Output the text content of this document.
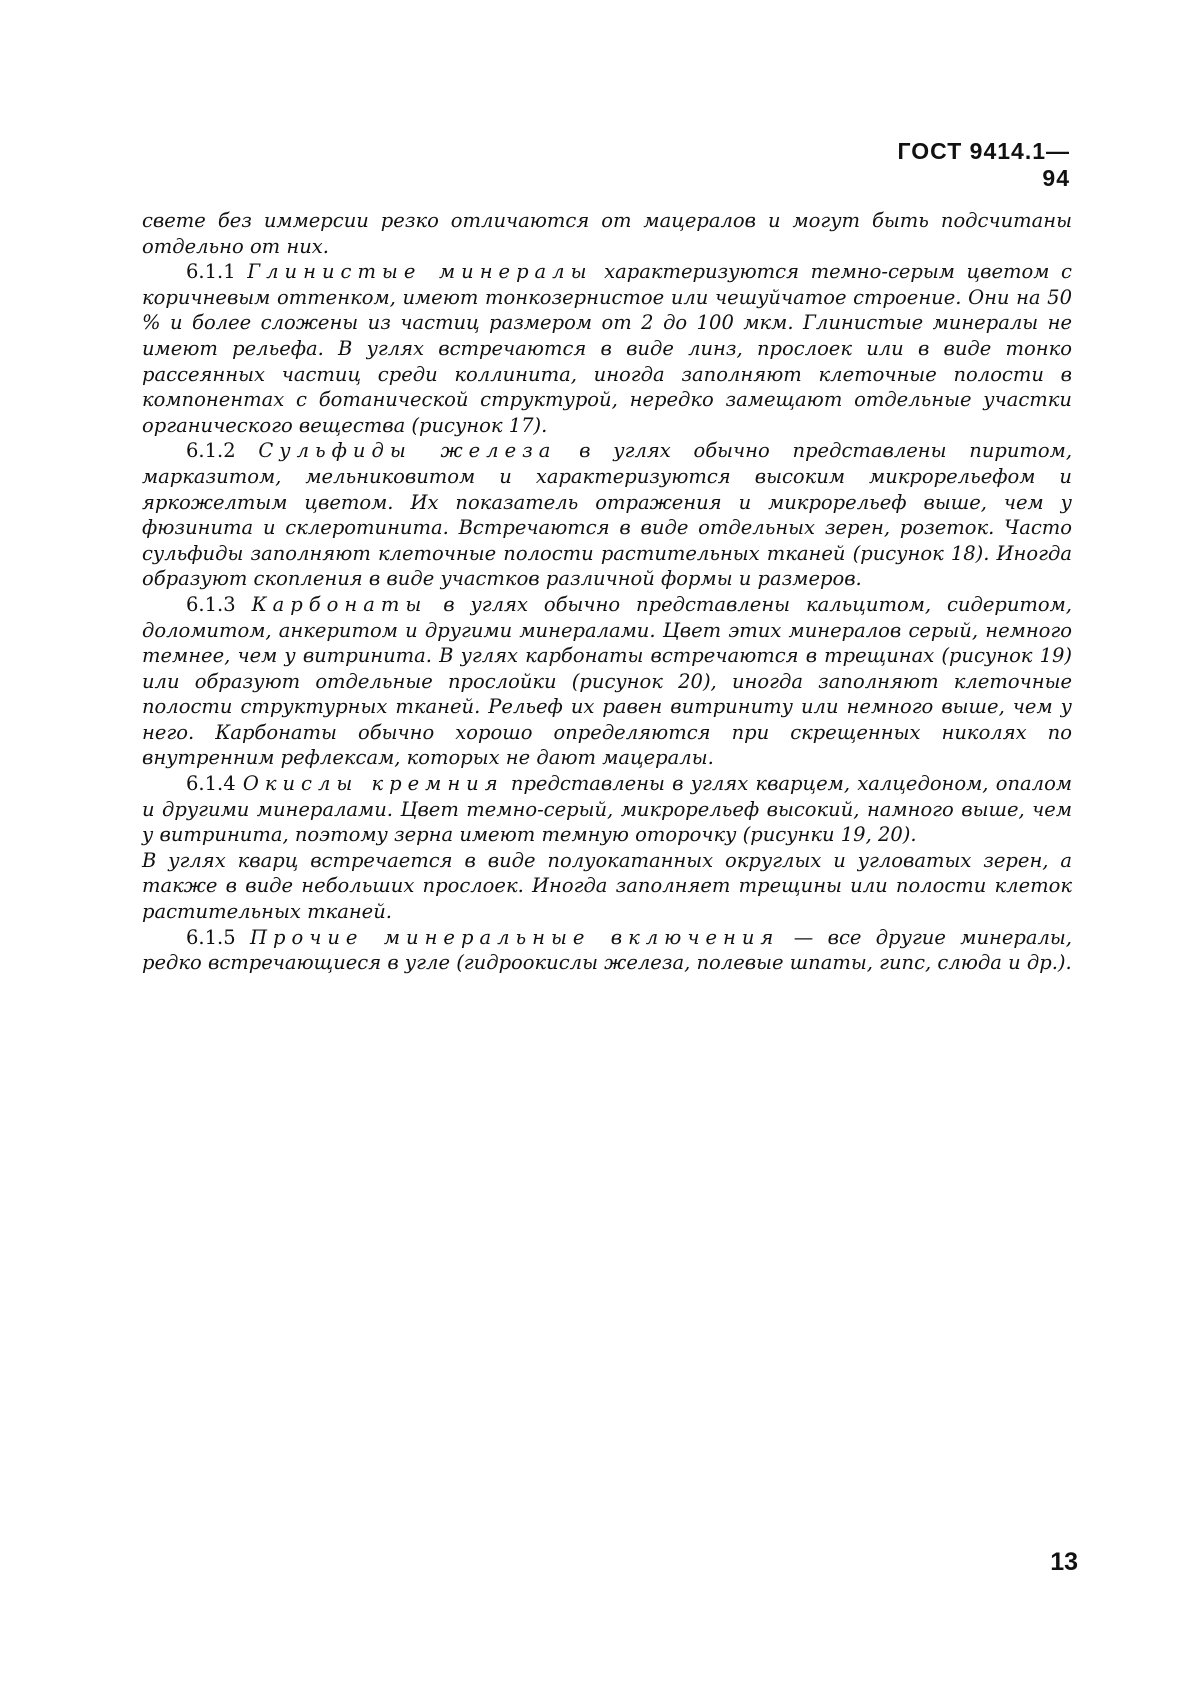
ГОСТ 9414.1—94

свете без иммерсии резко отличаются от мацералов и могут быть подсчитаны отдельно от них.

6.1.1 Глинистые минералы характеризуются темно-серым цветом с коричневым оттенком, имеют тонкозернистое или чешуйчатое строение. Они на 50 % и более сложены из частиц размером от 2 до 100 мкм. Глинистые минералы не имеют рельефа. В углях встречаются в виде линз, прослоек или в виде тонко рассеянных частиц среди коллинита, иногда заполняют клеточные полости в компонентах с ботанической структурой, нередко замещают отдельные участки органического вещества (рисунок 17).

6.1.2 Сульфиды железа в углях обычно представлены пиритом, марказитом, мельниковитом и характеризуются высоким микрорельефом и яркожелтым цветом. Их показатель отражения и микрорельеф выше, чем у фюзинита и склеротинита. Встречаются в виде отдельных зерен, розеток. Часто сульфиды заполняют клеточные полости растительных тканей (рисунок 18). Иногда образуют скопления в виде участков различной формы и размеров.

6.1.3 Карбонаты в углях обычно представлены кальцитом, сидеритом, доломитом, анкеритом и другими минералами. Цвет этих минералов серый, немного темнее, чем у витринита. В углях карбонаты встречаются в трещинах (рисунок 19) или образуют отдельные прослойки (рисунок 20), иногда заполняют клеточные полости структурных тканей. Рельеф их равен витриниту или немного выше, чем у него. Карбонаты обычно хорошо определяются при скрещенных николях по внутренним рефлексам, которых не дают мацералы.

6.1.4 Окислы кремния представлены в углях кварцем, халцедоном, опалом и другими минералами. Цвет темно-серый, микрорельеф высокий, намного выше, чем у витринита, поэтому зерна имеют темную оторочку (рисунки 19, 20).

В углях кварц встречается в виде полуокатанных округлых и угловатых зерен, а также в виде небольших прослоек. Иногда заполняет трещины или полости клеток растительных тканей.

6.1.5 Прочие минеральные включения — все другие минералы, редко встречающиеся в угле (гидроокислы железа, полевые шпаты, гипс, слюда и др.).

13
